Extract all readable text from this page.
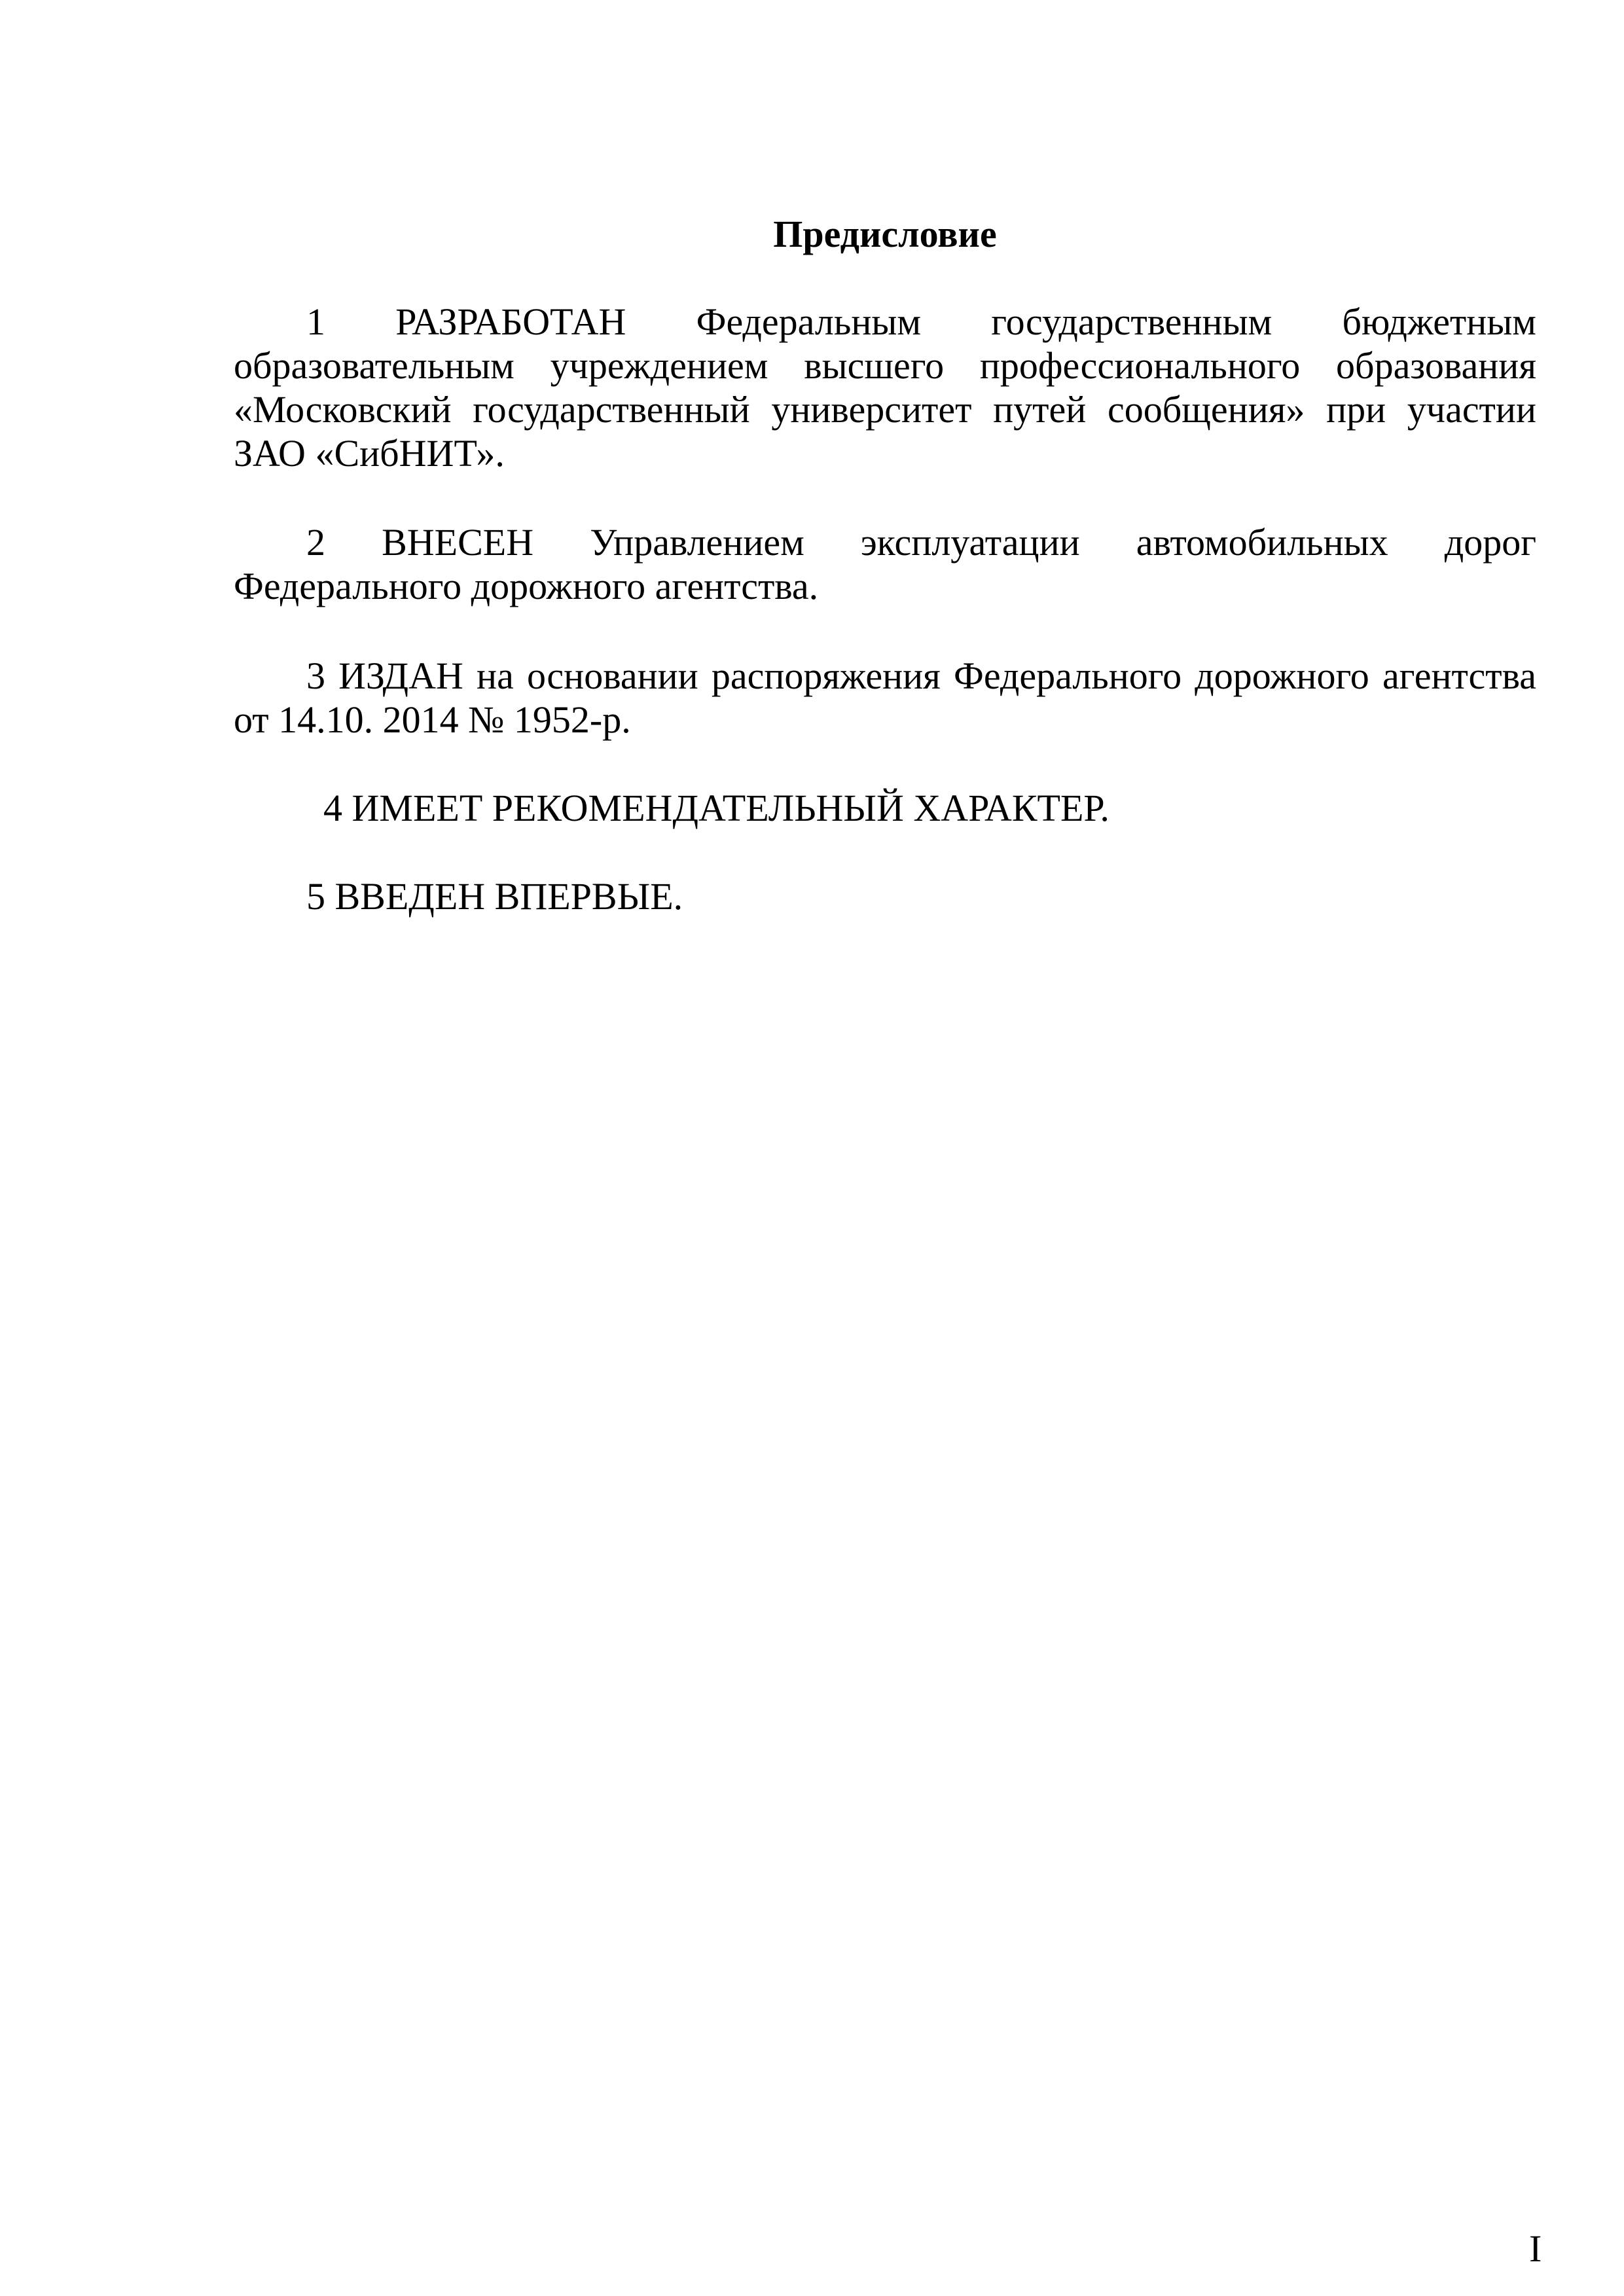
Предисловие

1 РАЗРАБОТАН Федеральным государственным бюджетным образовательным учреждением высшего профессионального образования «Московский государственный университет путей сообщения» при участии ЗАО «СибНИТ».

2 ВНЕСЕН Управлением эксплуатации автомобильных дорог Федерального дорожного агентства.

3 ИЗДАН на основании распоряжения Федерального дорожного агентства от 14.10. 2014 № 1952-р.

4 ИМЕЕТ РЕКОМЕНДАТЕЛЬНЫЙ ХАРАКТЕР.

5 ВВЕДЕН ВПЕРВЫЕ.

I
